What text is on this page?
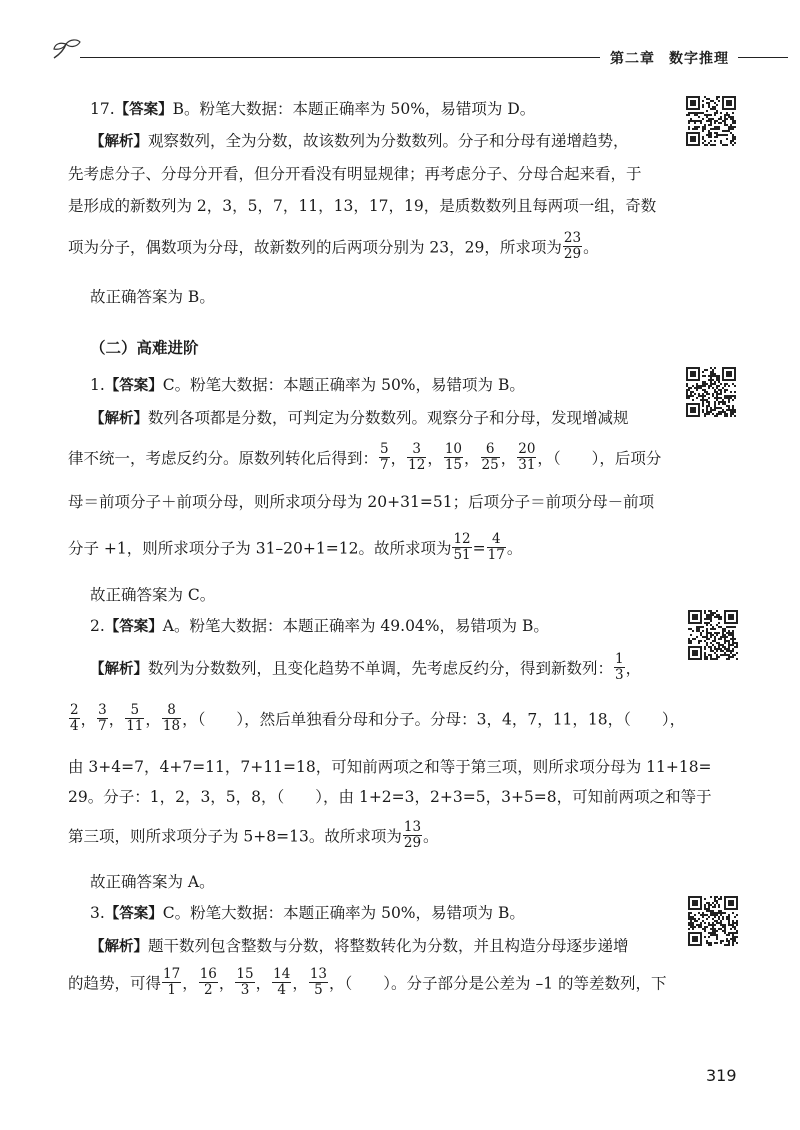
第二章 数字推理
17.【答案】B。粉笔大数据：本题正确率为 50%，易错项为 D。
【解析】观察数列，全为分数，故该数列为分数数列。分子和分母有递增趋势，
先考虑分子、分母分开看，但分开看没有明显规律；再考虑分子、分母合起来看，于
是形成的新数列为 2，3，5，7，11，13，17，19，是质数数列且每两项一组，奇数
项为分子，偶数项为分母，故新数列的后两项分别为 23，29，所求项为 $\frac{23}{29}$ 。
故正确答案为 B。
（二）高难进阶
1.【答案】C。粉笔大数据：本题正确率为 50%，易错项为 B。
【解析】数列各项都是分数，可判定为分数数列。观察分子和分母，发现增减规
律不统一，考虑反约分。原数列转化后得到： $\frac{5}{7}$ ， $\frac{3}{12}$ ， $\frac{10}{15}$ ， $\frac{6}{25}$ ， $\frac{20}{31}$ ，（　　），后项分
母＝前项分子＋前项分母，则所求项分母为 20+31=51；后项分子＝前项分母－前项
分子 +1，则所求项分子为 31–20+1=12。故所求项为 $\frac{12}{51} = \frac{4}{17}$ 。
故正确答案为 C。
2.【答案】A。粉笔大数据：本题正确率为 49.04%，易错项为 B。
【解析】数列为分数数列，且变化趋势不单调，先考虑反约分，得到新数列： $\frac{1}{3}$ ，
$\frac{2}{4}$ ， $\frac{3}{7}$ ， $\frac{5}{11}$ ， $\frac{8}{18}$ ，（　　），然后单独看分母和分子。分母：3，4，7，11，18，（　　），
由 3+4=7，4+7=11，7+11=18，可知前两项之和等于第三项，则所求项分母为 11+18=
29。分子：1，2，3，5，8，（　　），由 1+2=3，2+3=5，3+5=8，可知前两项之和等于
第三项，则所求项分子为 5+8=13。故所求项为 $\frac{13}{29}$ 。
故正确答案为 A。
3.【答案】C。粉笔大数据：本题正确率为 50%，易错项为 B。
【解析】题干数列包含整数与分数，将整数转化为分数，并且构造分母逐步递增
的趋势，可得 $\frac{17}{1}$ ， $\frac{16}{2}$ ， $\frac{15}{3}$ ， $\frac{14}{4}$ ， $\frac{13}{5}$ ，（　　）。分子部分是公差为 –1 的等差数列，下
319
